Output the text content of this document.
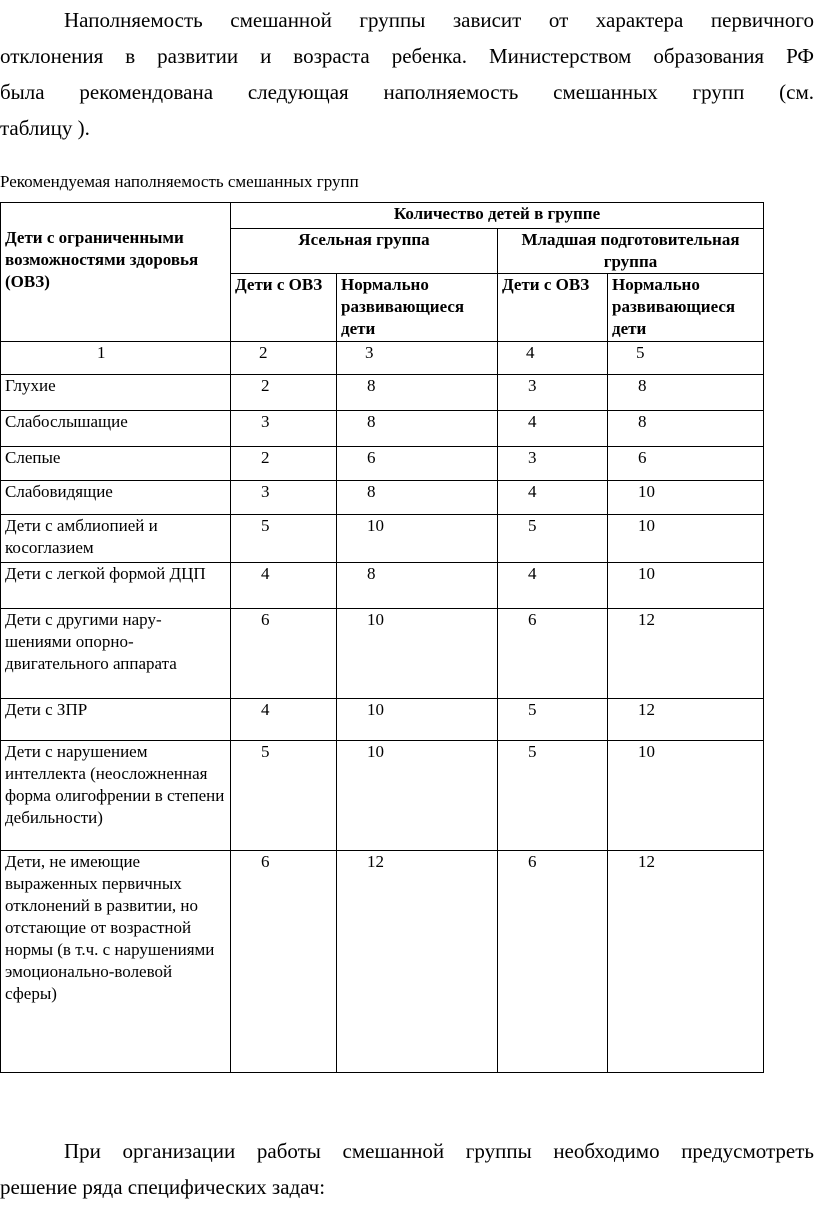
Наполняемость смешанной группы зависит от характера первичного
отклонения в развитии и возраста ребенка. Министерством образования РФ
была рекомендована следующая наполняемость смешанных групп (см.
таблицу ).
Рекомендуемая наполняемость смешанных групп
Дети с ограниченными возможностями здоровья (ОВЗ)	Количество детей в группе			
	Ясельная группа		Младшая подготовительная группа	
	Дети с ОВЗ	Нормально развивающиеся дети	Дети с ОВЗ	Нормально развивающиеся дети
1	2	3	4	5
Глухие	2	8	3	8
Слабослышащие	3	8	4	8
Слепые	2	6	3	6
Слабовидящие	3	8	4	10
Дети с амблиопией и косоглазием	5	10	5	10
Дети с легкой формой ДЦП	4	8	4	10
Дети с другими нару-шениями опорно-двигательного аппарата	6	10	6	12
Дети с ЗПР	4	10	5	12
Дети с нарушением интеллекта (неосложненная форма олигофрении в степени дебильности)	5	10	5	10
Дети, не имеющие выраженных первичных отклонений в развитии, но отстающие от возрастной нормы (в т.ч. с нарушениями эмоционально-волевой сферы)	6	12	6	12
При организации работы смешанной группы необходимо предусмотреть
решение ряда специфических задач:
